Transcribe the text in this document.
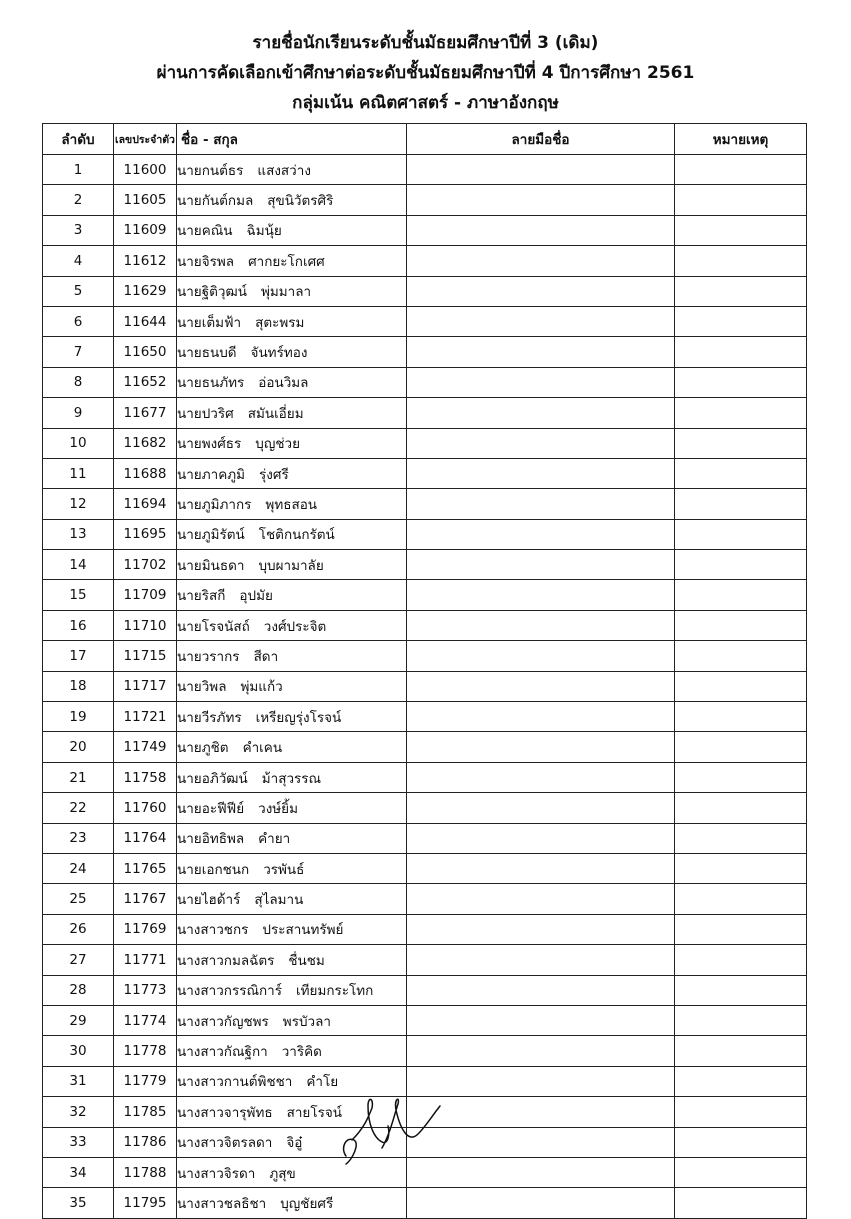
รายชื่อนักเรียนระดับชั้นมัธยมศึกษาปีที่ 3 (เดิม)
ผ่านการคัดเลือกเข้าศึกษาต่อระดับชั้นมัธยมศึกษาปีที่ 4 ปีการศึกษา 2561
กลุ่มเน้น คณิตศาสตร์ - ภาษาอังกฤษ
ลำดับ	เลขประจำตัว	ชื่อ - สกุล	ลายมือชื่อ	หมายเหตุ
1	11600	นายกนต์ธร แสงสว่าง		
2	11605	นายกันต์กมล สุขนิวัตรศิริ		
3	11609	นายคณิน ฉิมนุ้ย		
4	11612	นายจิรพล ศากยะโกเศศ		
5	11629	นายฐิติวุฒน์ พุ่มมาลา		
6	11644	นายเต็มฟ้า สุตะพรม		
7	11650	นายธนบดี จันทร์ทอง		
8	11652	นายธนภัทร อ่อนวิมล		
9	11677	นายปวริศ สมันเอี่ยม		
10	11682	นายพงศ์ธร บุญช่วย		
11	11688	นายภาคภูมิ รุ่งศรี		
12	11694	นายภูมิภากร พุทธสอน		
13	11695	นายภูมิรัตน์ โชติกนกรัตน์		
14	11702	นายมินธดา บุบผามาลัย		
15	11709	นายริสกี อุปมัย		
16	11710	นายโรจนัสถ์ วงศ์ประจิต		
17	11715	นายวรากร สีดา		
18	11717	นายวิพล พุ่มแก้ว		
19	11721	นายวีรภัทร เหรียญรุ่งโรจน์		
20	11749	นายภูชิต คำเคน		
21	11758	นายอภิวัฒน์ ม้าสุวรรณ		
22	11760	นายอะฟีฟีย์ วงษ์ยิ้ม		
23	11764	นายอิทธิพล คำยา		
24	11765	นายเอกชนก วรพันธ์		
25	11767	นายไฮด้าร์ สุไลมาน		
26	11769	นางสาวชกร ประสานทรัพย์		
27	11771	นางสาวกมลฉัตร ชื่นชม		
28	11773	นางสาวกรรณิการ์ เทียมกระโทก		
29	11774	นางสาวกัญชพร พรบัวลา		
30	11778	นางสาวกัณฐิกา วาริคิด		
31	11779	นางสาวกานต์พิชชา คำโย		
32	11785	นางสาวจารุพัทธ สายโรจน์		
33	11786	นางสาวจิตรลดา จิอู๋		
34	11788	นางสาวจิรดา ภูสุข		
35	11795	นางสาวชลธิชา บุญชัยศรี		
